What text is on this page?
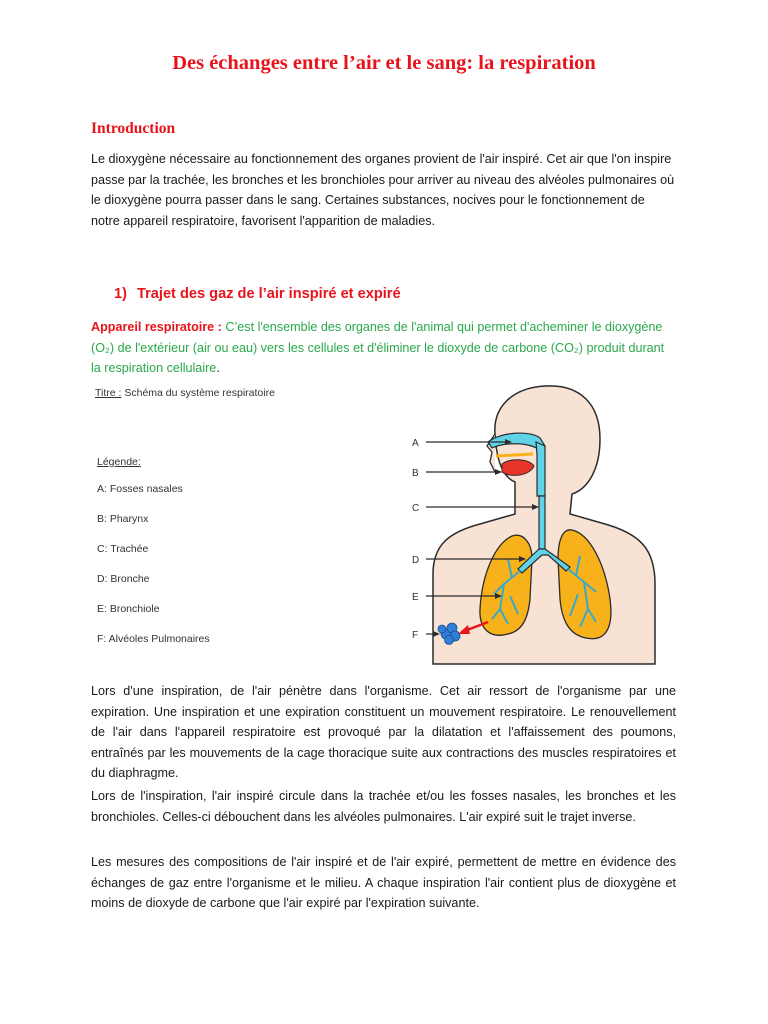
Des échanges entre l’air et le sang: la respiration
Introduction
Le dioxygène nécessaire au fonctionnement des organes provient de l'air inspiré. Cet air que l'on inspire passe par la trachée, les bronches et les bronchioles pour arriver au niveau des alvéoles pulmonaires où le dioxygène pourra passer dans le sang. Certaines substances, nocives pour le fonctionnement de notre appareil respiratoire, favorisent l'apparition de maladies.
1) Trajet des gaz de l’air inspiré et expiré
Appareil respiratoire : C’est l'ensemble des organes de l'animal qui permet d'acheminer le dioxygène (O₂) de l'extérieur (air ou eau) vers les cellules et d'éliminer le dioxyde de carbone (CO₂) produit durant la respiration cellulaire.
Titre : Schéma du système respiratoire
Légende:
A: Fosses nasales
B: Pharynx
C: Trachée
D: Bronche
E: Bronchiole
F: Alvéoles Pulmonaires
A
B
C
D
E
F
Lors d'une inspiration, de l'air pénètre dans l'organisme. Cet air ressort de l'organisme par une expiration. Une inspiration et une expiration constituent un mouvement respiratoire. Le renouvellement de l'air dans l'appareil respiratoire est provoqué par la dilatation et l'affaissement des poumons, entraînés par les mouvements de la cage thoracique suite aux contractions des muscles respiratoires et du diaphragme.
Lors de l'inspiration, l'air inspiré circule dans la trachée et/ou les fosses nasales, les bronches et les bronchioles. Celles-ci débouchent dans les alvéoles pulmonaires. L'air expiré suit le trajet inverse.
Les mesures des compositions de l'air inspiré et de l'air expiré, permettent de mettre en évidence des échanges de gaz entre l'organisme et le milieu. A chaque inspiration l'air contient plus de dioxygène et moins de dioxyde de carbone que l'air expiré par l'expiration suivante.
